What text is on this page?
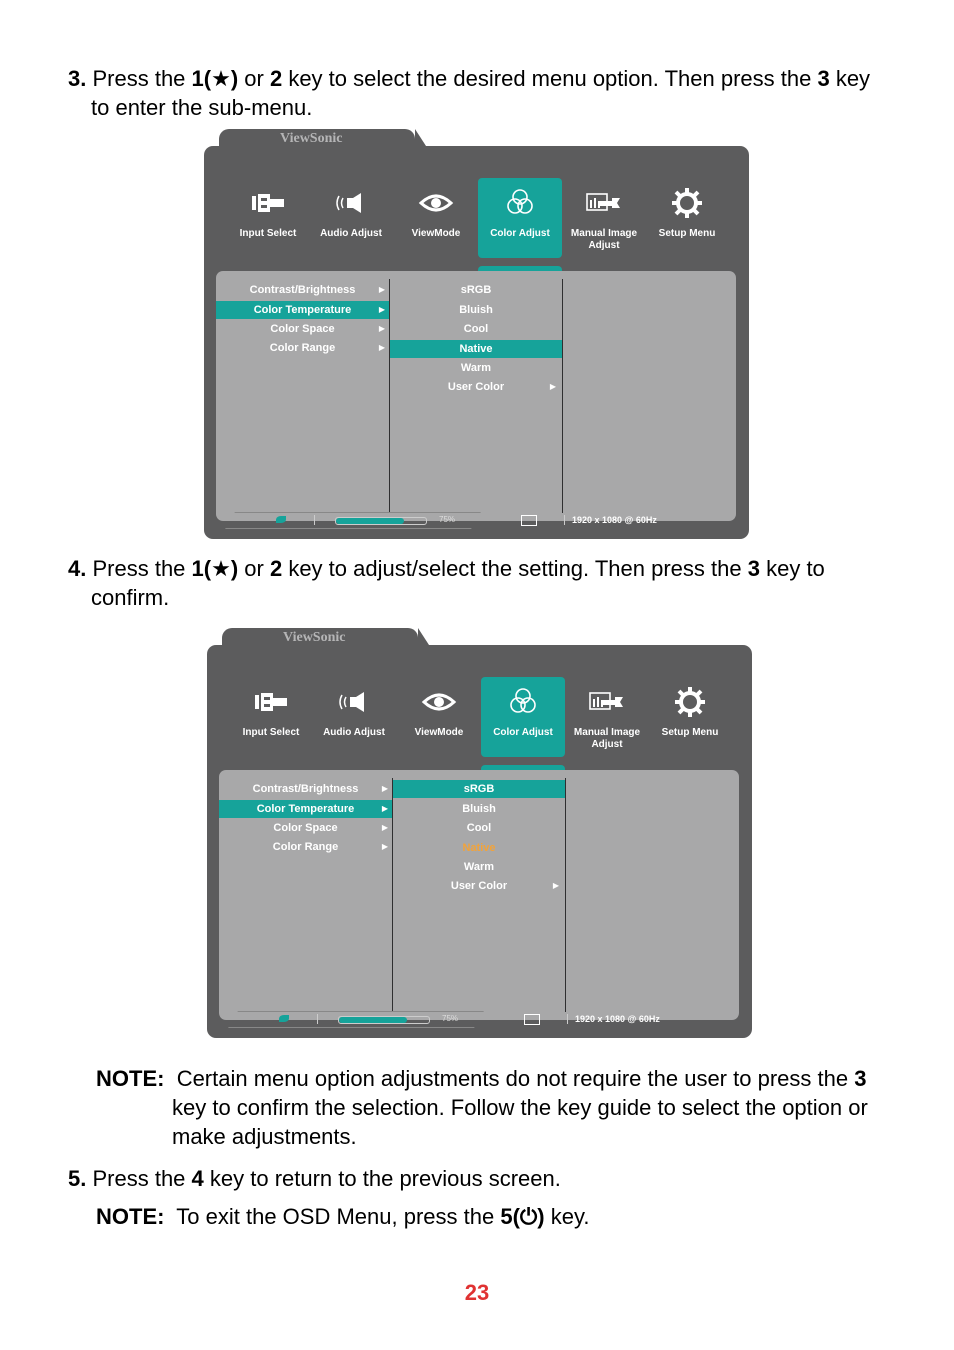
3. Press the 1(★) or 2 key to select the desired menu option. Then press the 3 key
to enter the sub-menu.
ViewSonic
Input Select	Audio Adjust	ViewMode	Color Adjust	Manual Image Adjust
Setup Menu
Contrast/Brightness	▶
Color Temperature	▶
Color Space	▶
Color Range	▶
sRGB
Bluish
Cool
Native
Warm
User Color	▶
75%	1920 x 1080 @ 60Hz
4. Press the 1(★) or 2 key to adjust/select the setting. Then press the 3 key to
confirm.
ViewSonic
Input Select	Audio Adjust	ViewMode	Color Adjust	Manual Image Adjust
Setup Menu
Contrast/Brightness	▶
Color Temperature	▶
Color Space	▶
Color Range	▶
sRGB
Bluish
Cool
Native
Warm
User Color	▶
75%	1920 x 1080 @ 60Hz
NOTE: Certain menu option adjustments do not require the user to press the 3
key to confirm the selection. Follow the key guide to select the option or
make adjustments.
5. Press the 4 key to return to the previous screen.
NOTE: To exit the OSD Menu, press the 5(⏻) key.
23
